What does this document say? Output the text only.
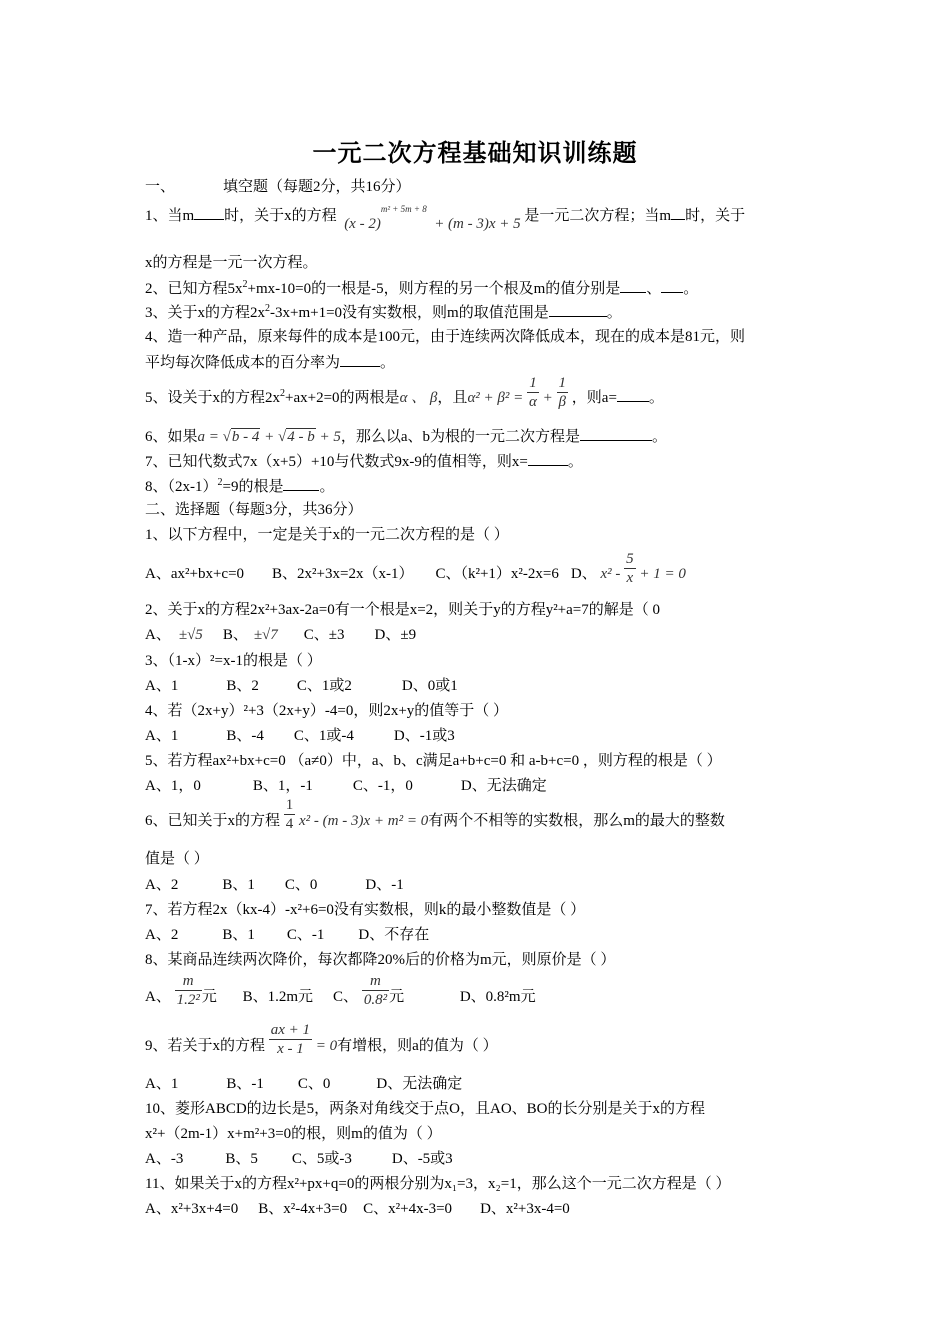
一元二次方程基础知识训练题
一、	填空题（每题2分，共16分）
1、当m 时，关于x的方程 (x - 2)$^{m^2 + 5m + 8}$  + (m - 3)x + 5 是一元二次方程；当m 时，关于
x的方程是一元一次方程。
2、已知方程$5x^2+mx-10=0$的一根是-5，则方程的另一个根及m的值分别是 、 。
3、关于x的方程$2x^2-3x+m+1=0$没有实数根，则m的取值范围是	。
4、造一种产品，原来每件的成本是100元，由于连续两次降低成本，现在的成本是81元，则
平均每次降低成本的百分率为	。
5、设关于x的方程$2x^2+ax+2=0$的两根是α 、 β，且$\alpha^2 + \beta^2 = \frac{1}{\alpha} + \frac{1}{\beta}$ ，则a= 。
6、如果a = √b - 4 + √4 - b + 5，那么以a、b为根的一元二次方程是	。
7、已知代数式7x（x+5）+10与代数式9x-9的值相等，则x=	。
8、$(2x-1)^2=9$的根是 。
二、选择题（每题3分，共36分）
1、以下方程中，一定是关于x的一元二次方程的是（ ）
A、ax²+bx+c=0 B、2x²+3x=2x（x-1） C、（k²+1）x²-2x=6 D、 $x^2 - \frac{5}{x} + 1 = 0$
2、关于x的方程2x²+3ax-2a=0有一个根是x=2，则关于y的方程y²+a=7的解是（ 0
A、 ±√5 B、 ±√7 C、±3 D、±9
3、（1-x）²=x-1的根是（ ）
A、1	B、2	C、1或2	D、0或1
4、若（2x+y）²+3（2x+y）-4=0，则2x+y的值等于（ ）
A、1	B、-4 C、1或-4	D、-1或3
5、若方程ax²+bx+c=0 （a≠0）中，a、b、c满足a+b+c=0 和 a-b+c=0 ，则方程的根是（ ）
A、1，0	B、1，-1	C、-1，0	D、无法确定
6、已知关于x的方程 $\frac{1}{4} x^2 - (m - 3)x + m^2 = 0$有两个不相等的实数根，那么m的最大的整数
值是（ ）
A、2	B、1 C、0	D、-1
7、若方程2x（kx-4）-x²+6=0没有实数根，则k的最小整数值是（ ）
A、2	B、1 C、-1 D、不存在
8、某商品连续两次降价，每次都降20%后的价格为m元，则原价是（ ）
A、 $\frac{m}{\text{1.2²}}$ 元 B、1.2m元 C、 $\frac{m}{\text{0.8²}}$ 元	D、0.8²m元
9、若关于x的方程 $\frac{ax + 1}{x - 1} = 0$有增根，则a的值为（ ）
A、1	B、-1 C、0	D、无法确定
10、菱形ABCD的边长是5，两条对角线交于点O，且AO、BO的长分别是关于x的方程
x²+（2m-1）x+m²+3=0的根，则m的值为（ ）
A、-3	B、5 C、5或-3	D、-5或3
11、如果关于x的方程x²+px+q=0的两根分别为x₁=3，x₂=1，那么这个一元二次方程是（ ）
A、x²+3x+4=0 B、x²-4x+3=0 C、x²+4x-3=0 D、x²+3x-4=0
